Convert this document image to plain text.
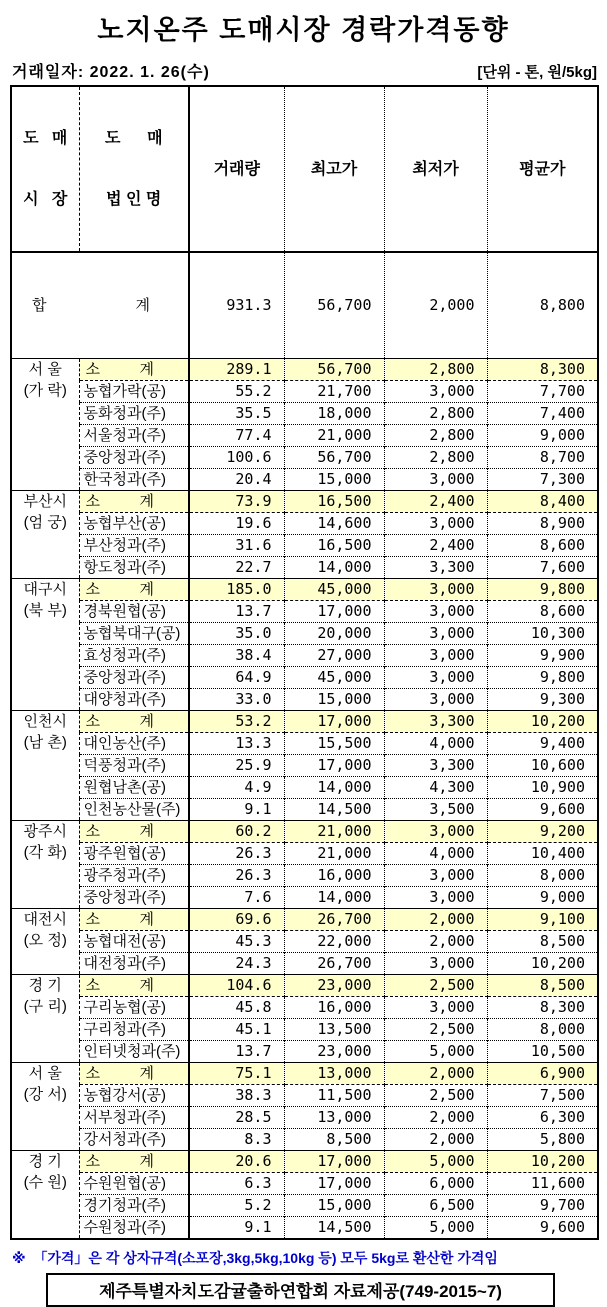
노지온주 도매시장 경락가격동향
거래일자: 2022. 1. 26(수)	[단위 - 톤, 원/5kg]

도   매

시   장	도      매

법 인 명	거래량	최고가	최저가	평균가

합 계		931.3	56,700	2,000	8,800

서 울
(가 락)	소 계	289.1	56,700	2,800	8,300
	농협가락(공)	55.2	21,700	3,000	7,700
	동화청과(주)	35.5	18,000	2,800	7,400
	서울청과(주)	77.4	21,000	2,800	9,000
	중앙청과(주)	100.6	56,700	2,800	8,700
	한국청과(주)	20.4	15,000	3,000	7,300

부산시
(엄 궁)	소 계	73.9	16,500	2,400	8,400
	농협부산(공)	19.6	14,600	3,000	8,900
	부산청과(주)	31.6	16,500	2,400	8,600
	항도청과(주)	22.7	14,000	3,300	7,600

대구시
(북 부)	소 계	185.0	45,000	3,000	9,800
	경북원협(공)	13.7	17,000	3,000	8,600
	농협북대구(공)	35.0	20,000	3,000	10,300
	효성청과(주)	38.4	27,000	3,000	9,900
	중앙청과(주)	64.9	45,000	3,000	9,800
	대양청과(주)	33.0	15,000	3,000	9,300

인천시
(남 촌)	소 계	53.2	17,000	3,300	10,200
	대인농산(주)	13.3	15,500	4,000	9,400
	덕풍청과(주)	25.9	17,000	3,300	10,600
	원협남촌(공)	4.9	14,000	4,300	10,900
	인천농산물(주)	9.1	14,500	3,500	9,600

광주시
(각 화)	소 계	60.2	21,000	3,000	9,200
	광주원협(공)	26.3	21,000	4,000	10,400
	광주청과(주)	26.3	16,000	3,000	8,000
	중앙청과(주)	7.6	14,000	3,000	9,000

대전시
(오 정)	소 계	69.6	26,700	2,000	9,100
	농협대전(공)	45.3	22,000	2,000	8,500
	대전청과(주)	24.3	26,700	3,000	10,200

경 기
(구 리)	소 계	104.6	23,000	2,500	8,500
	구리농협(공)	45.8	16,000	3,000	8,300
	구리청과(주)	45.1	13,500	2,500	8,000
	인터넷청과(주)	13.7	23,000	5,000	10,500

서 울
(강 서)	소 계	75.1	13,000	2,000	6,900
	농협강서(공)	38.3	11,500	2,500	7,500
	서부청과(주)	28.5	13,000	2,000	6,300
	강서청과(주)	8.3	8,500	2,000	5,800

경 기
(수 원)	소 계	20.6	17,000	5,000	10,200
	수원원협(공)	6.3	17,000	6,000	11,600
	경기청과(주)	5.2	15,000	6,500	9,700
	수원청과(주)	9.1	14,500	5,000	9,600
※  「가격」은 각 상자규격(소포장,3kg,5kg,10kg 등) 모두 5kg로 환산한 가격임
제주특별자치도감귤출하연합회 자료제공(749-2015~7)
